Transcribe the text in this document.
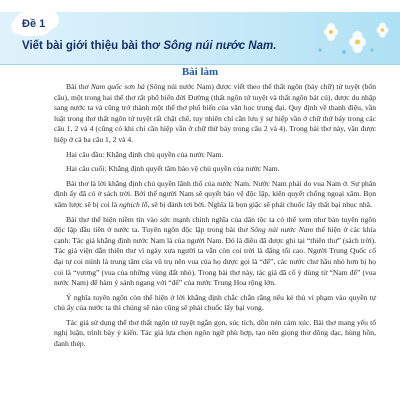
Đề 1
Viết bài giới thiệu bài thơ Sông núi nước Nam.
Bài làm

Bài thơ Nam quốc sơn hà (Sông núi nước Nam) được viết theo thể thất ngôn (bảy chữ) tứ tuyệt (bốn câu), một trong hai thể thơ rất phổ biến đời Đường (thất ngôn tứ tuyệt và thất ngôn bát cú), được du nhập sang nước ta và cũng trở thành một thể thơ phổ biến của văn học trung đại. Quy định về thanh điệu, vần luật trong thơ thất ngôn tứ tuyệt rất chặt chẽ, tuy nhiên chỉ cần lưu ý sự hiệp vần ở chữ thứ bảy trong các câu 1, 2 và 4 (cũng có khi chỉ cần hiệp vần ở chữ thứ bảy trong câu 2 và 4). Trong bài thơ này, vần được hiệp ở cả ba câu 1, 2 và 4.

Hai câu đầu: Khẳng định chủ quyền của nước Nam.

Hai câu cuối: Khẳng định quyết tâm bảo vệ chủ quyền của nước Nam.

Bài thơ là lời khẳng định chủ quyền lãnh thổ của nước Nam. Nước Nam phải do vua Nam ở. Sự phân định ấy đã có ở sách trời. Bởi thế người Nam sẽ quyết bảo vệ độc lập, kiên quyết chống ngoại xâm. Bọn xâm lược sẽ bị coi là nghịch lỗ, sẽ bị đánh tơi bời. Nghĩa là bọn giặc sẽ phải chuốc lấy thất bại nhục nhã.

Bài thơ thể hiện niềm tin vào sức mạnh chính nghĩa của dân tộc ta có thể xem như bản tuyên ngôn độc lập đầu tiên ở nước ta. Tuyên ngôn độc lập trong bài thơ Sông núi nước Nam thể hiện ở các khía cạnh: Tác giả khẳng định nước Nam là của người Nam. Đó là điều đã được ghi tại “thiên thư” (sách trời). Tác giả viện dẫn thiên thư vì ngày xưa người ta vẫn còn coi trời là đấng tối cao. Người Trung Quốc cố đại tự coi mình là trung tâm của vũ trụ nên vua của họ được gọi là “đế”, các nước chư hầu nhỏ hơn bị họ coi là “vương” (vua của những vùng đất nhỏ). Trong bài thơ này, tác giả đã cố ý dùng từ “Nam đế” (vua nước Nam) để hàm ý sánh ngang với “đế” của nước Trung Hoa rộng lớn.

Ý nghĩa tuyên ngôn còn thể hiện ở lời khẳng định chắc chắn rằng nếu kẻ thù vi phạm vào quyền tự chủ ấy của nước ta thì chúng sẽ nào cũng sẽ phải chuốc lấy bại vong.

Tác giả sử dụng thể thơ thất ngôn tứ tuyệt ngắn gọn, súc tích, dồn nén cảm xúc. Bài thơ mang yếu tố nghị luận, trình bày ý kiến. Tác giả lựa chọn ngôn ngữ phù hợp, tạo nên giọng thơ dõng dạc, hùng hồn, đanh thép.
